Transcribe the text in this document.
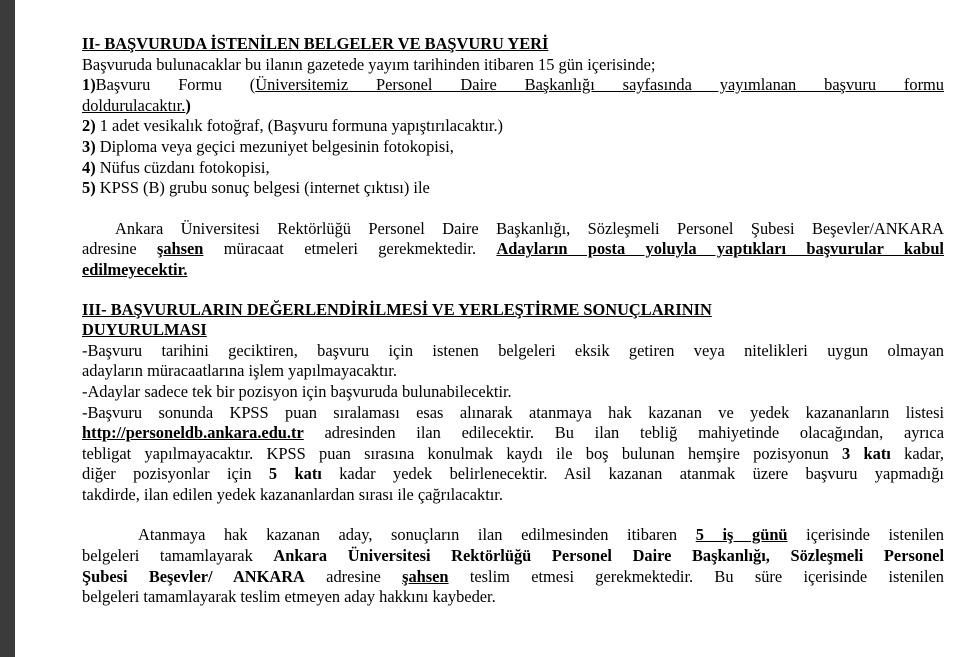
II- BAŞVURUDA İSTENİLEN BELGELER VE BAŞVURU YERİ

Başvuruda bulunacaklar bu ilanın gazetede yayım tarihinden itibaren 15 gün içerisinde;

1)Başvuru Formu (Üniversitemiz Personel Daire Başkanlığı sayfasında yayımlanan başvuru formu

doldurulacaktır.)

2) 1 adet vesikalık fotoğraf, (Başvuru formuna yapıştırılacaktır.)

3) Diploma veya geçici mezuniyet belgesinin fotokopisi,

4) Nüfus cüzdanı fotokopisi,

5) KPSS (B) grubu sonuç belgesi (internet çıktısı) ile

Ankara Üniversitesi Rektörlüğü Personel Daire Başkanlığı, Sözleşmeli Personel Şubesi Beşevler/ANKARA

adresine şahsen müracaat etmeleri gerekmektedir. Adayların posta yoluyla yaptıkları başvurular kabul

edilmeyecektir.

III- BAŞVURULARIN DEĞERLENDİRİLMESİ VE YERLEŞTİRME SONUÇLARININ
DUYURULMASI

-Başvuru tarihini geciktiren, başvuru için istenen belgeleri eksik getiren veya nitelikleri uygun olmayan

adayların müracaatlarına işlem yapılmayacaktır.

-Adaylar sadece tek bir pozisyon için başvuruda bulunabilecektir.

-Başvuru sonunda KPSS puan sıralaması esas alınarak atanmaya hak kazanan ve yedek kazananların listesi

http://personeldb.ankara.edu.tr adresinden ilan edilecektir. Bu ilan tebliğ mahiyetinde olacağından, ayrıca

tebligat yapılmayacaktır. KPSS puan sırasına konulmak kaydı ile boş bulunan hemşire pozisyonun 3 katı kadar,

diğer pozisyonlar için 5 katı kadar yedek belirlenecektir. Asil kazanan atanmak üzere başvuru yapmadığı

takdirde, ilan edilen yedek kazananlardan sırası ile çağrılacaktır.

Atanmaya hak kazanan aday, sonuçların ilan edilmesinden itibaren 5 iş günü içerisinde istenilen

belgeleri tamamlayarak Ankara Üniversitesi Rektörlüğü Personel Daire Başkanlığı, Sözleşmeli Personel

Şubesi Beşevler/ ANKARA adresine şahsen teslim etmesi gerekmektedir. Bu süre içerisinde istenilen

belgeleri tamamlayarak teslim etmeyen aday hakkını kaybeder.
